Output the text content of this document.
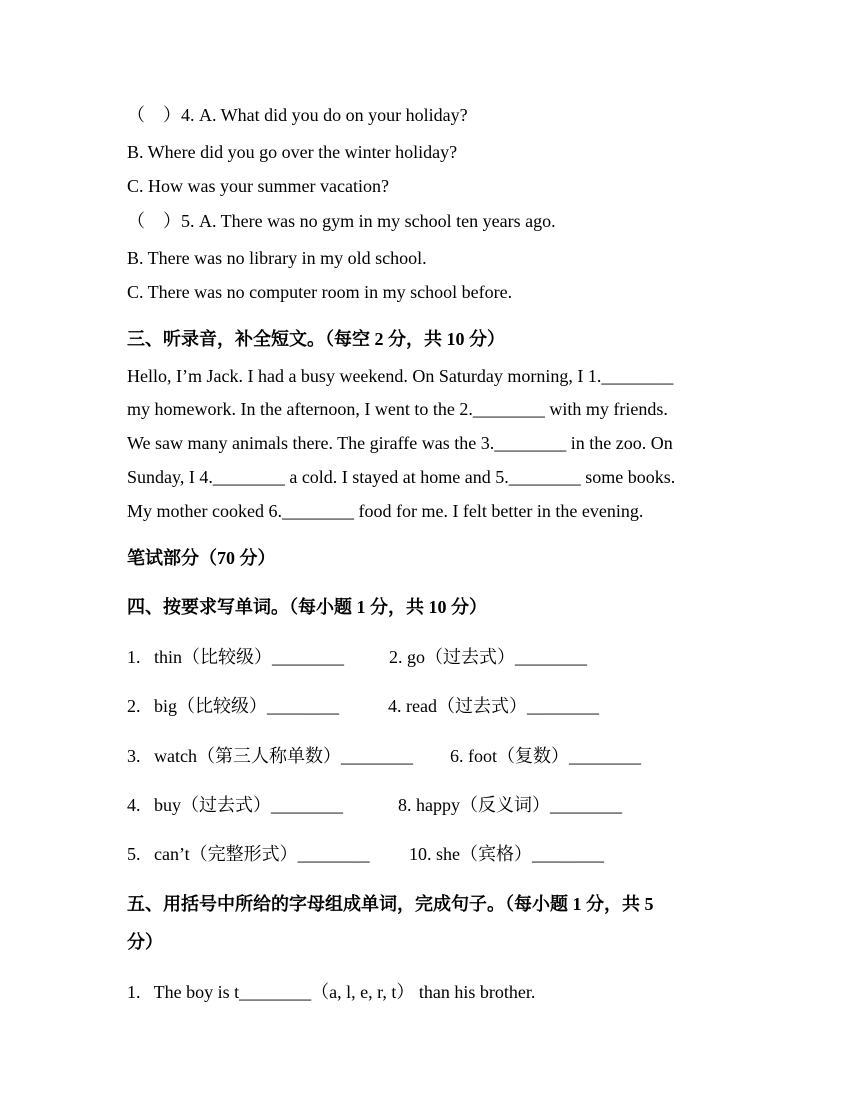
（　）4. A. What did you do on your holiday?
B. Where did you go over the winter holiday?
C. How was your summer vacation?
（　）5. A. There was no gym in my school ten years ago.
B. There was no library in my old school.
C. There was no computer room in my school before.
三、听录音，补全短文。（每空 2 分，共 10 分）
Hello, I’m Jack. I had a busy weekend. On Saturday morning, I 1.________
my homework. In the afternoon, I went to the 2.________ with my friends.
We saw many animals there. The giraffe was the 3.________ in the zoo. On
Sunday, I 4.________ a cold. I stayed at home and 5.________ some books.
My mother cooked 6.________ food for me. I felt better in the evening.
笔试部分（70 分）
四、按要求写单词。（每小题 1 分，共 10 分）
1.   thin（比较级）________ 2. go（过去式）________
2.   big（比较级）________	4. read（过去式）________
3.   watch（第三人称单数）________ 6. foot（复数）________
4.   buy（过去式）________	8. happy（反义词）________
5.   can’t（完整形式）________ 10. she（宾格）________
五、用括号中所给的字母组成单词，完成句子。（每小题 1 分，共 5
分）
1.   The boy is t________（a, l, e, r, t） than his brother.
